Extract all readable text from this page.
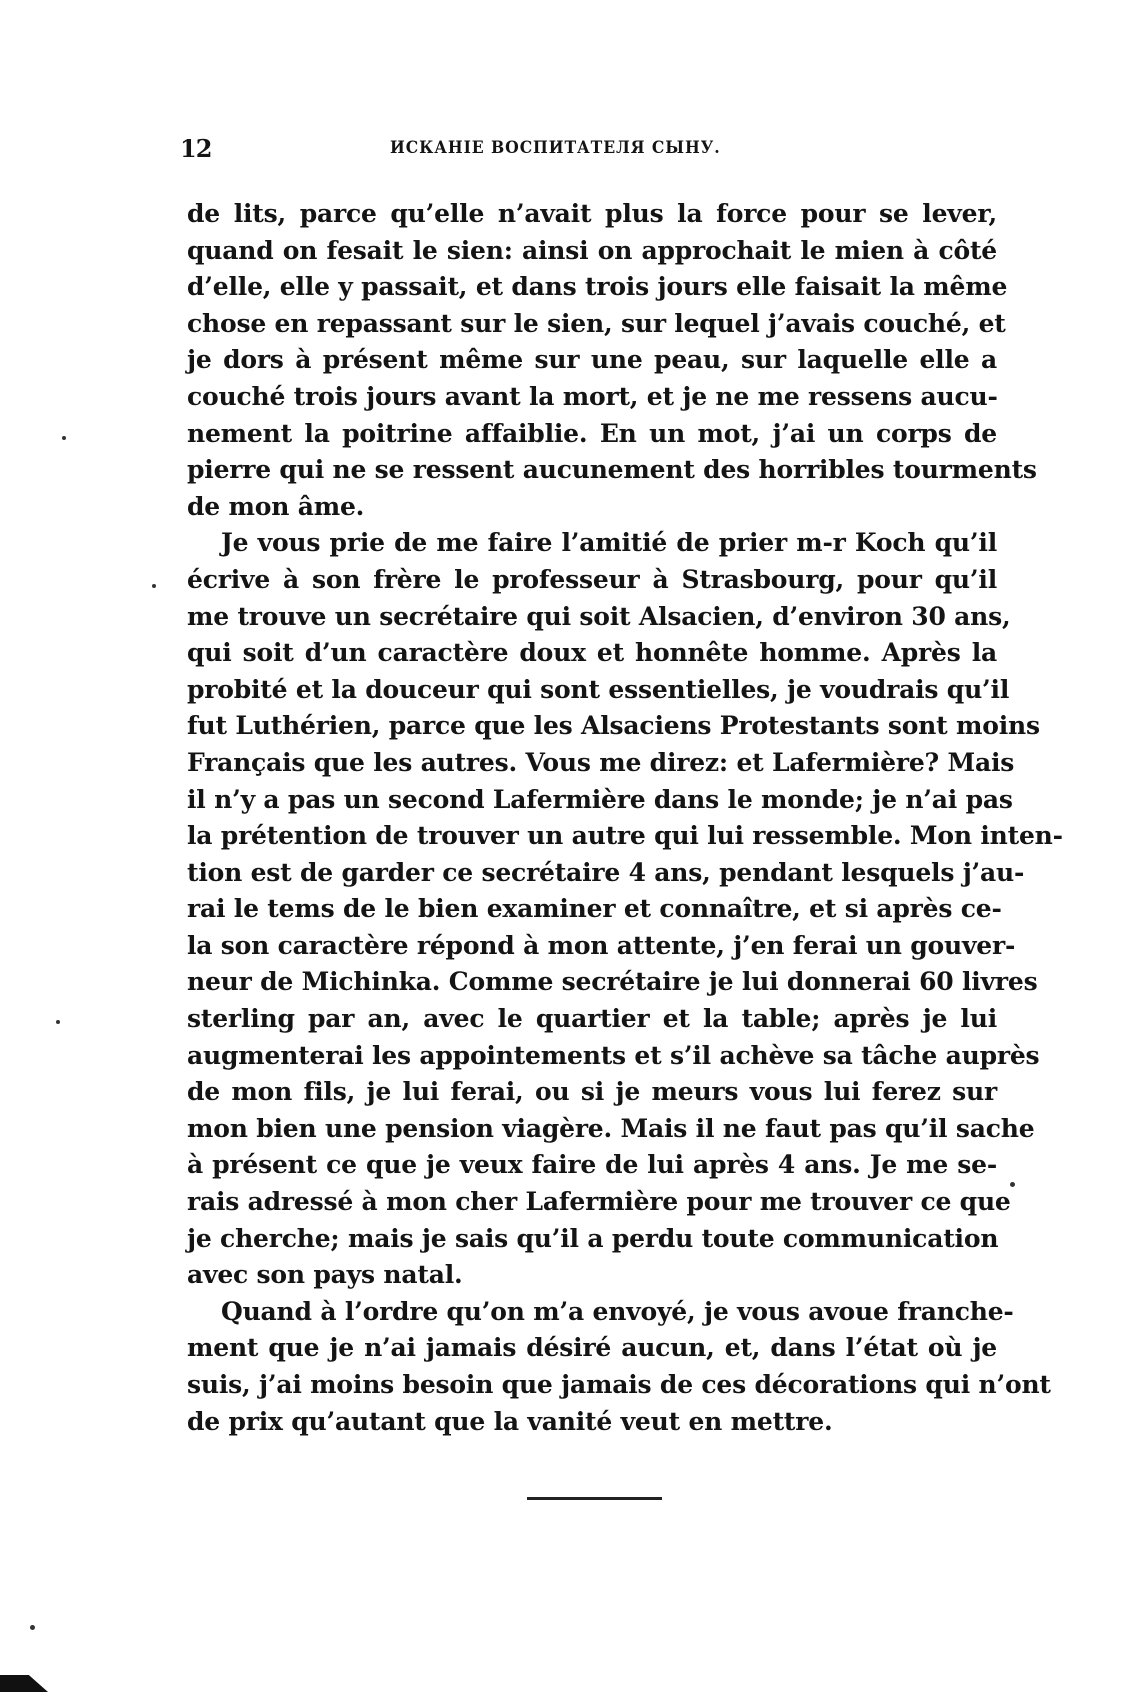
12	ИСКАНІЕ ВОСПИТАТЕЛЯ СЫНУ.
de lits, parce qu’elle n’avait plus la force pour se lever,
quand on fesait le sien: ainsi on approchait le mien à côté
d’elle, elle y passait, et dans trois jours elle faisait la même
chose en repassant sur le sien, sur lequel j’avais couché, et
je dors à présent même sur une peau, sur laquelle elle a
couché trois jours avant la mort, et je ne me ressens aucu-
nement la poitrine affaiblie. En un mot, j’ai un corps de
pierre qui ne se ressent aucunement des horribles tourments
de mon âme.
Je vous prie de me faire l’amitié de prier m-r Koch qu’il
écrive à son frère le professeur à Strasbourg, pour qu’il
me trouve un secrétaire qui soit Alsacien, d’environ 30 ans,
qui soit d’un caractère doux et honnête homme. Après la
probité et la douceur qui sont essentielles, je voudrais qu’il
fut Luthérien, parce que les Alsaciens Protestants sont moins
Français que les autres. Vous me direz: et Lafermière? Mais
il n’y a pas un second Lafermière dans le monde; je n’ai pas
la prétention de trouver un autre qui lui ressemble. Mon inten-
tion est de garder ce secrétaire 4 ans, pendant lesquels j’au-
rai le tems de le bien examiner et connaître, et si après ce-
la son caractère répond à mon attente, j’en ferai un gouver-
neur de Michinka. Comme secrétaire je lui donnerai 60 livres
sterling par an, avec le quartier et la table; après je lui
augmenterai les appointements et s’il achève sa tâche auprès
de mon fils, je lui ferai, ou si je meurs vous lui ferez sur
mon bien une pension viagère. Mais il ne faut pas qu’il sache
à présent ce que je veux faire de lui après 4 ans. Je me se-
rais adressé à mon cher Lafermière pour me trouver ce que
je cherche; mais je sais qu’il a perdu toute communication
avec son pays natal.
Quand à l’ordre qu’on m’a envoyé, je vous avoue franche-
ment que je n’ai jamais désiré aucun, et, dans l’état où je
suis, j’ai moins besoin que jamais de ces décorations qui n’ont
de prix qu’autant que la vanité veut en mettre.
